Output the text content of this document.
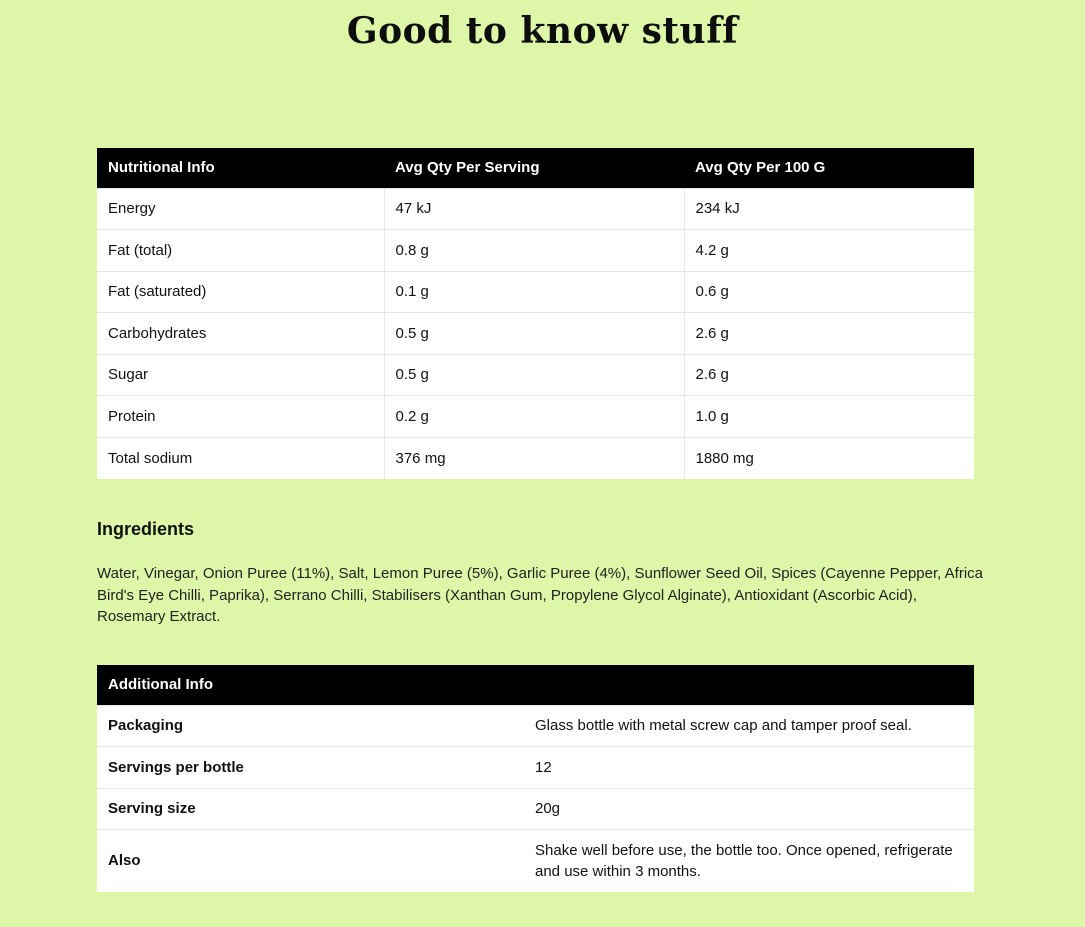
Good to know stuff
Nutritional Info	Avg Qty Per Serving	Avg Qty Per 100 G
Energy	47 kJ	234 kJ
Fat (total)	0.8 g	4.2 g
Fat (saturated)	0.1 g	0.6 g
Carbohydrates	0.5 g	2.6 g
Sugar	0.5 g	2.6 g
Protein	0.2 g	1.0 g
Total sodium	376 mg	1880 mg
Ingredients

Water, Vinegar, Onion Puree (11%), Salt, Lemon Puree (5%), Garlic Puree (4%), Sunflower Seed Oil, Spices (Cayenne Pepper, Africa Bird's Eye Chilli, Paprika), Serrano Chilli, Stabilisers (Xanthan Gum, Propylene Glycol Alginate), Antioxidant (Ascorbic Acid), Rosemary Extract.

Additional Info	
Packaging	Glass bottle with metal screw cap and tamper proof seal.
Servings per bottle	12
Serving size	20g
Also	Shake well before use, the bottle too. Once opened, refrigerate and use within 3 months.
